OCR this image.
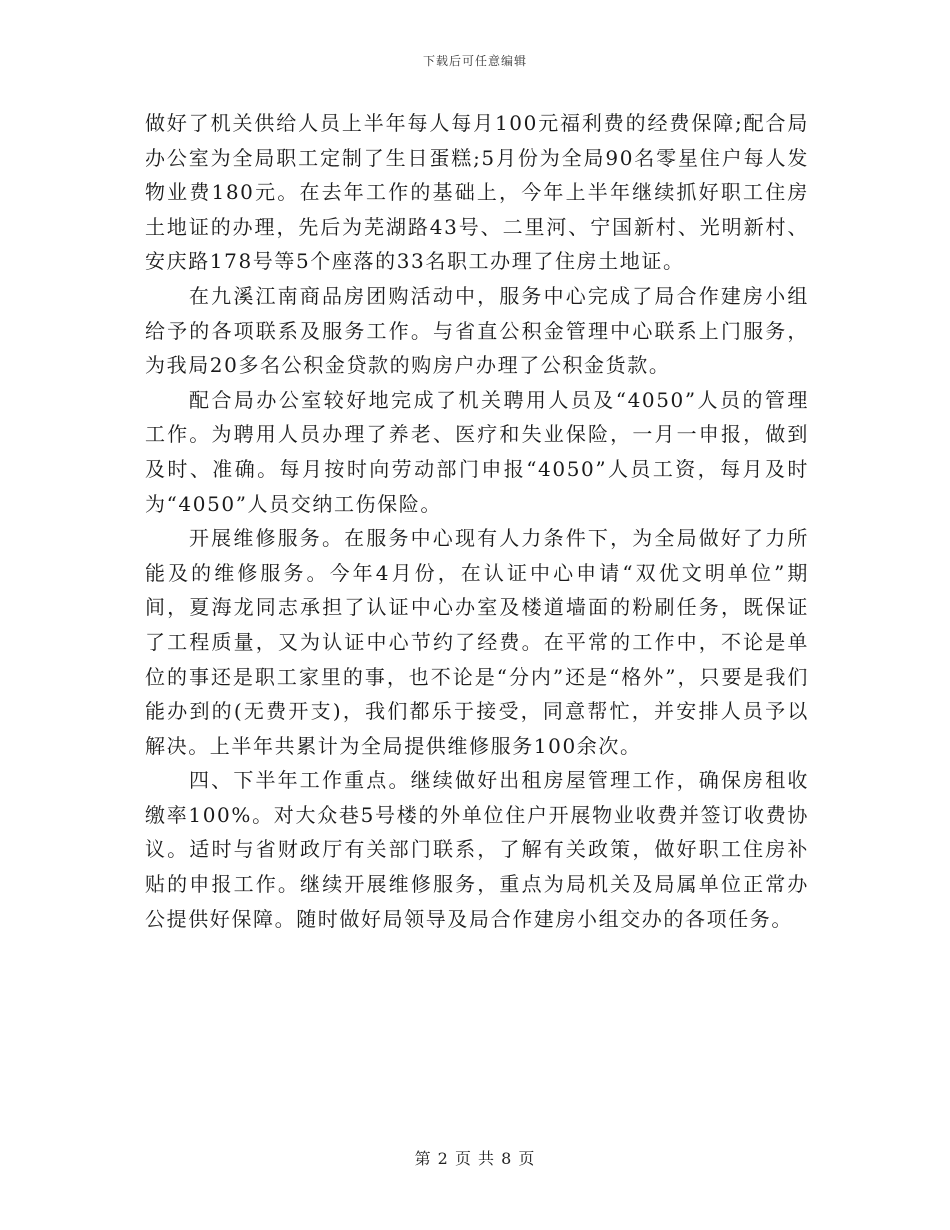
下载后可任意编辑

做好了机关供给人员上半年每人每月100元福利费的经费保障;配合局办公室为全局职工定制了生日蛋糕;5月份为全局90名零星住户每人发物业费180元。在去年工作的基础上，今年上半年继续抓好职工住房土地证的办理，先后为芜湖路43号、二里河、宁国新村、光明新村、安庆路178号等5个座落的33名职工办理了住房土地证。

在九溪江南商品房团购活动中，服务中心完成了局合作建房小组给予的各项联系及服务工作。与省直公积金管理中心联系上门服务，为我局20多名公积金贷款的购房户办理了公积金货款。

配合局办公室较好地完成了机关聘用人员及“4050”人员的管理工作。为聘用人员办理了养老、医疗和失业保险，一月一申报，做到及时、准确。每月按时向劳动部门申报“4050”人员工资，每月及时为“4050”人员交纳工伤保险。

开展维修服务。在服务中心现有人力条件下，为全局做好了力所能及的维修服务。今年4月份，在认证中心申请“双优文明单位”期间，夏海龙同志承担了认证中心办室及楼道墙面的粉刷任务，既保证了工程质量，又为认证中心节约了经费。在平常的工作中，不论是单位的事还是职工家里的事，也不论是“分内”还是“格外”，只要是我们能办到的(无费开支)，我们都乐于接受，同意帮忙，并安排人员予以解决。上半年共累计为全局提供维修服务100余次。

四、下半年工作重点。继续做好出租房屋管理工作，确保房租收缴率100%。对大众巷5号楼的外单位住户开展物业收费并签订收费协议。适时与省财政厅有关部门联系，了解有关政策，做好职工住房补贴的申报工作。继续开展维修服务，重点为局机关及局属单位正常办公提供好保障。随时做好局领导及局合作建房小组交办的各项任务。

第 2 页 共 8 页
